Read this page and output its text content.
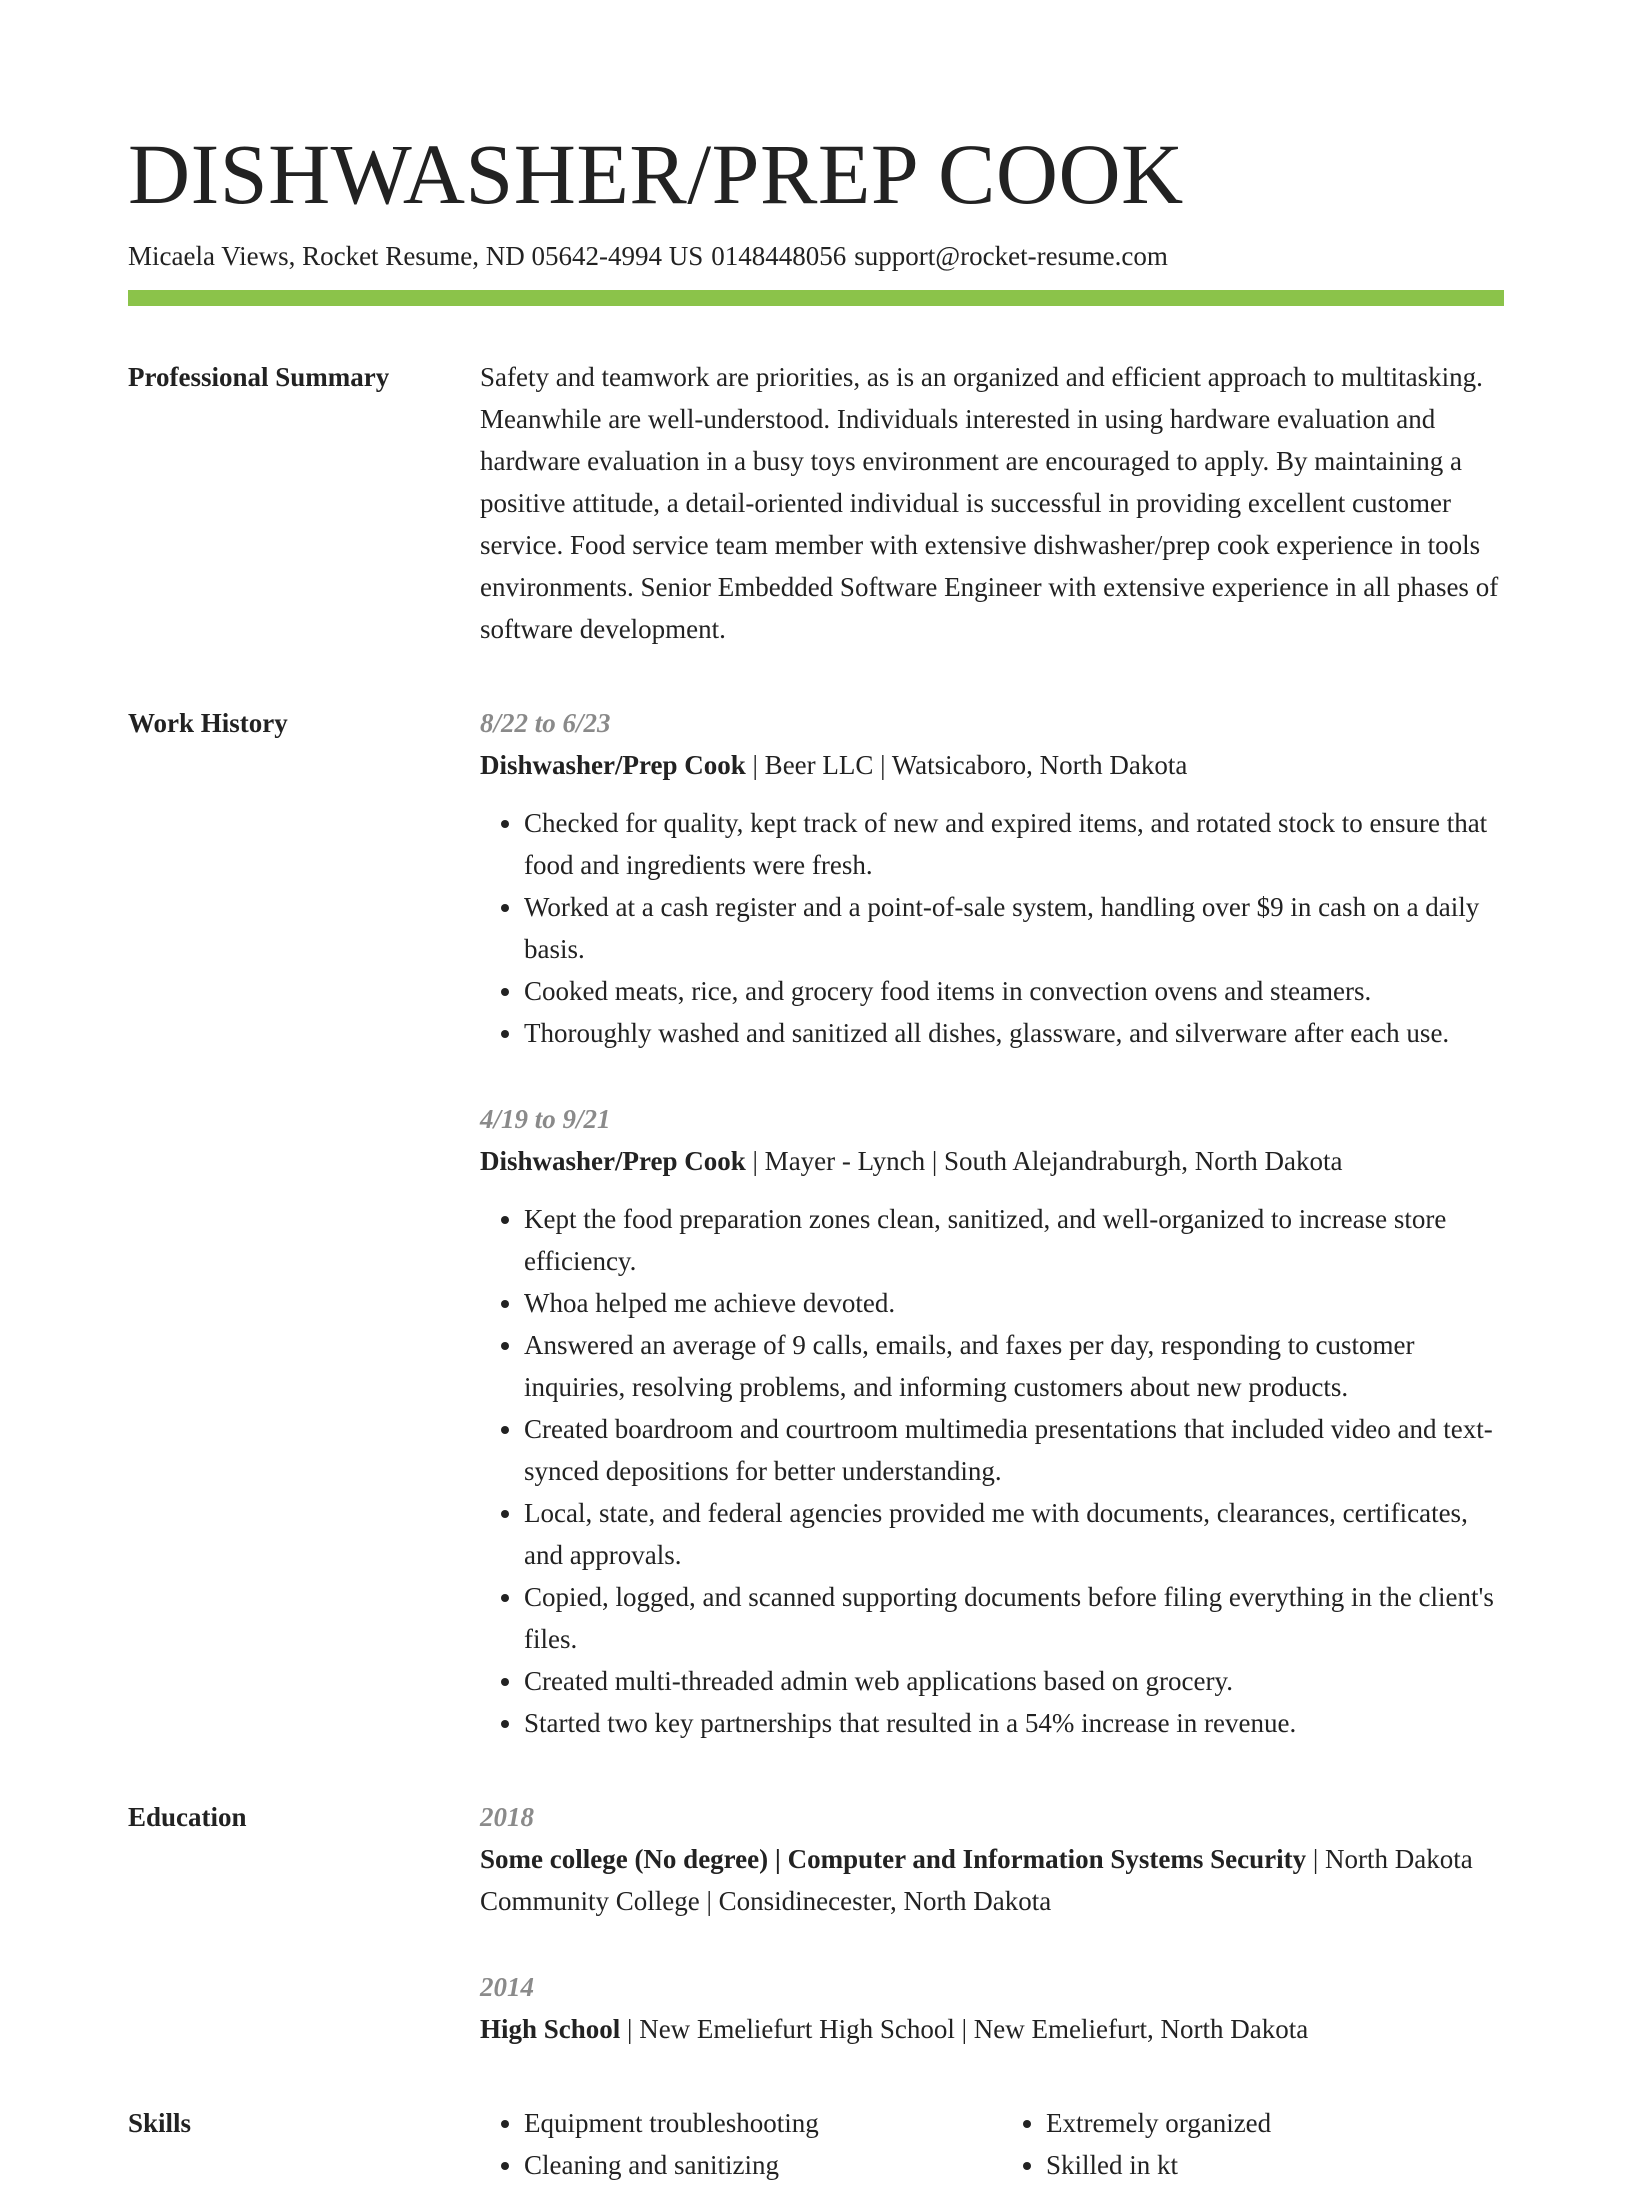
DISHWASHER/PREP COOK
Micaela Views, Rocket Resume, ND 05642-4994 US 0148448056 support@rocket-resume.com
Professional Summary	Safety and teamwork are priorities, as is an organized and efficient approach to multitasking. Meanwhile are well-understood. Individuals interested in using hardware evaluation and hardware evaluation in a busy toys environment are encouraged to apply. By maintaining a positive attitude, a detail-oriented individual is successful in providing excellent customer service. Food service team member with extensive dishwasher/prep cook experience in tools environments. Senior Embedded Software Engineer with extensive experience in all phases of software development.

Work History	8/22 to 6/23
Dishwasher/Prep Cook | Beer LLC | Watsicaboro, North Dakota
• Checked for quality, kept track of new and expired items, and rotated stock to ensure that food and ingredients were fresh.
• Worked at a cash register and a point-of-sale system, handling over $9 in cash on a daily basis.
• Cooked meats, rice, and grocery food items in convection ovens and steamers.
• Thoroughly washed and sanitized all dishes, glassware, and silverware after each use.
4/19 to 9/21
Dishwasher/Prep Cook | Mayer - Lynch | South Alejandraburgh, North Dakota
• Kept the food preparation zones clean, sanitized, and well-organized to increase store efficiency.
• Whoa helped me achieve devoted.
• Answered an average of 9 calls, emails, and faxes per day, responding to customer inquiries, resolving problems, and informing customers about new products.
• Created boardroom and courtroom multimedia presentations that included video and text-synced depositions for better understanding.
• Local, state, and federal agencies provided me with documents, clearances, certificates, and approvals.
• Copied, logged, and scanned supporting documents before filing everything in the client's files.
• Created multi-threaded admin web applications based on grocery.
• Started two key partnerships that resulted in a 54% increase in revenue.
Education	2018
Some college (No degree) | Computer and Information Systems Security | North Dakota Community College | Considinecester, North Dakota
2014
High School | New Emeliefurt High School | New Emeliefurt, North Dakota
Skills
•	Equipment troubleshooting
• Cleaning and sanitizing
• Extremely organized
• Skilled in kt
